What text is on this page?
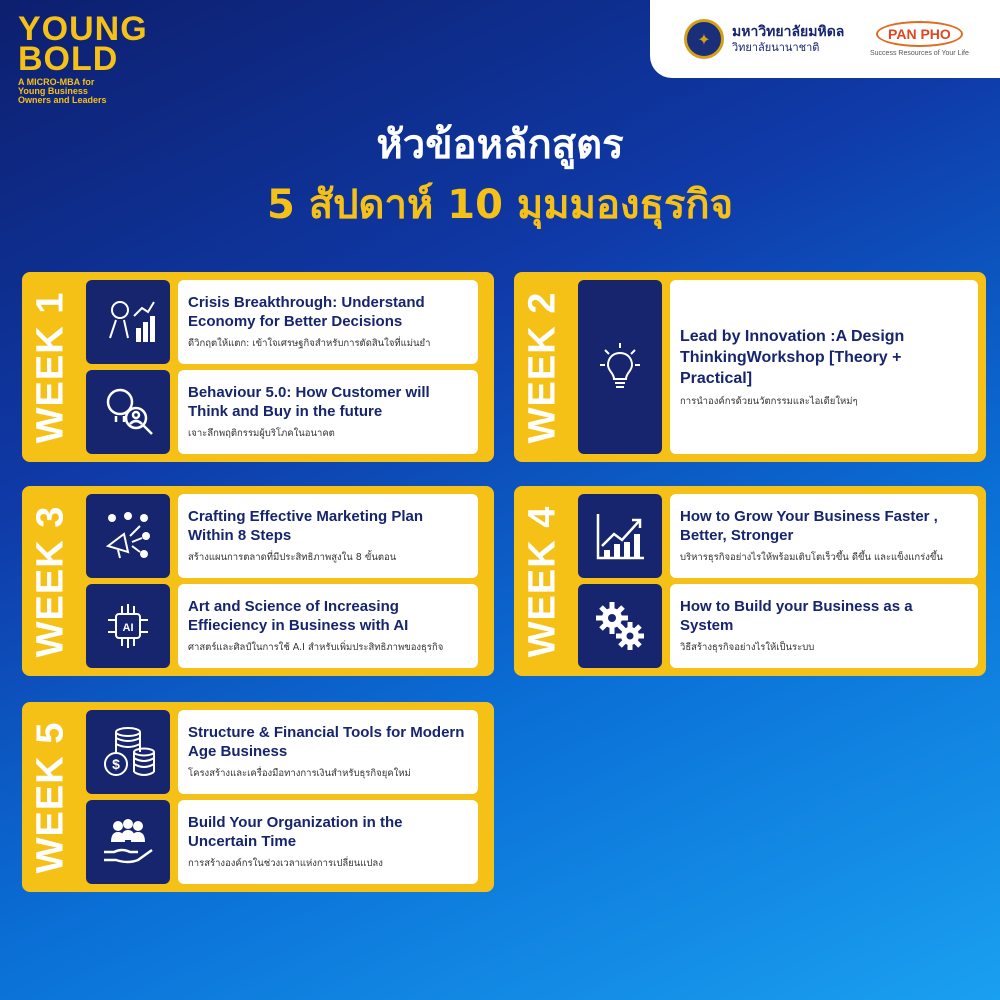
YOUNG
BOLD
A MICRO-MBA for Young Business Owners and Leaders
✦	มหาวิทยาลัยมหิดล
วิทยาลัยนานาชาติ
PAN PHO
Success Resources of Your Life
หัวข้อหลักสูตร
5 สัปดาห์ 10 มุมมองธุรกิจ
WEEK 1	Crisis Breakthrough: Understand Economy for Better Decisions
ดีวิกฤตให้แตก: เข้าใจเศรษฐกิจสำหรับการตัดสินใจที่แม่นยำ
Behaviour 5.0: How Customer will Think and Buy in the future
เจาะลึกพฤติกรรมผู้บริโภคในอนาคต	WEEK 2	Lead by Innovation :A Design ThinkingWorkshop [Theory + Practical]
การนำองค์กรด้วยนวัตกรรมและไอเดียใหม่ๆ
WEEK 3	Crafting Effective Marketing Plan Within 8 Steps
สร้างแผนการตลาดที่มีประสิทธิภาพสูงใน 8 ขั้นตอน
AI
Art and Science of Increasing Effieciency in Business with AI
ศาสตร์และศิลป์ในการใช้ A.I สำหรับเพิ่มประสิทธิภาพของธุรกิจ	WEEK 4	How to Grow Your Business Faster , Better, Stronger
บริหารธุรกิจอย่างไรให้พร้อมเติบโตเร็วขึ้น ดีขึ้น และแข็งแกร่งขึ้น
How to Build your Business as a System
วิธีสร้างธุรกิจอย่างไรให้เป็นระบบ
WEEK 5	$
Structure & Financial Tools for Modern Age Business
โครงสร้างและเครื่องมือทางการเงินสำหรับธุรกิจยุคใหม่
Build Your Organization in the Uncertain Time
การสร้างองค์กรในช่วงเวลาแห่งการเปลี่ยนแปลง
